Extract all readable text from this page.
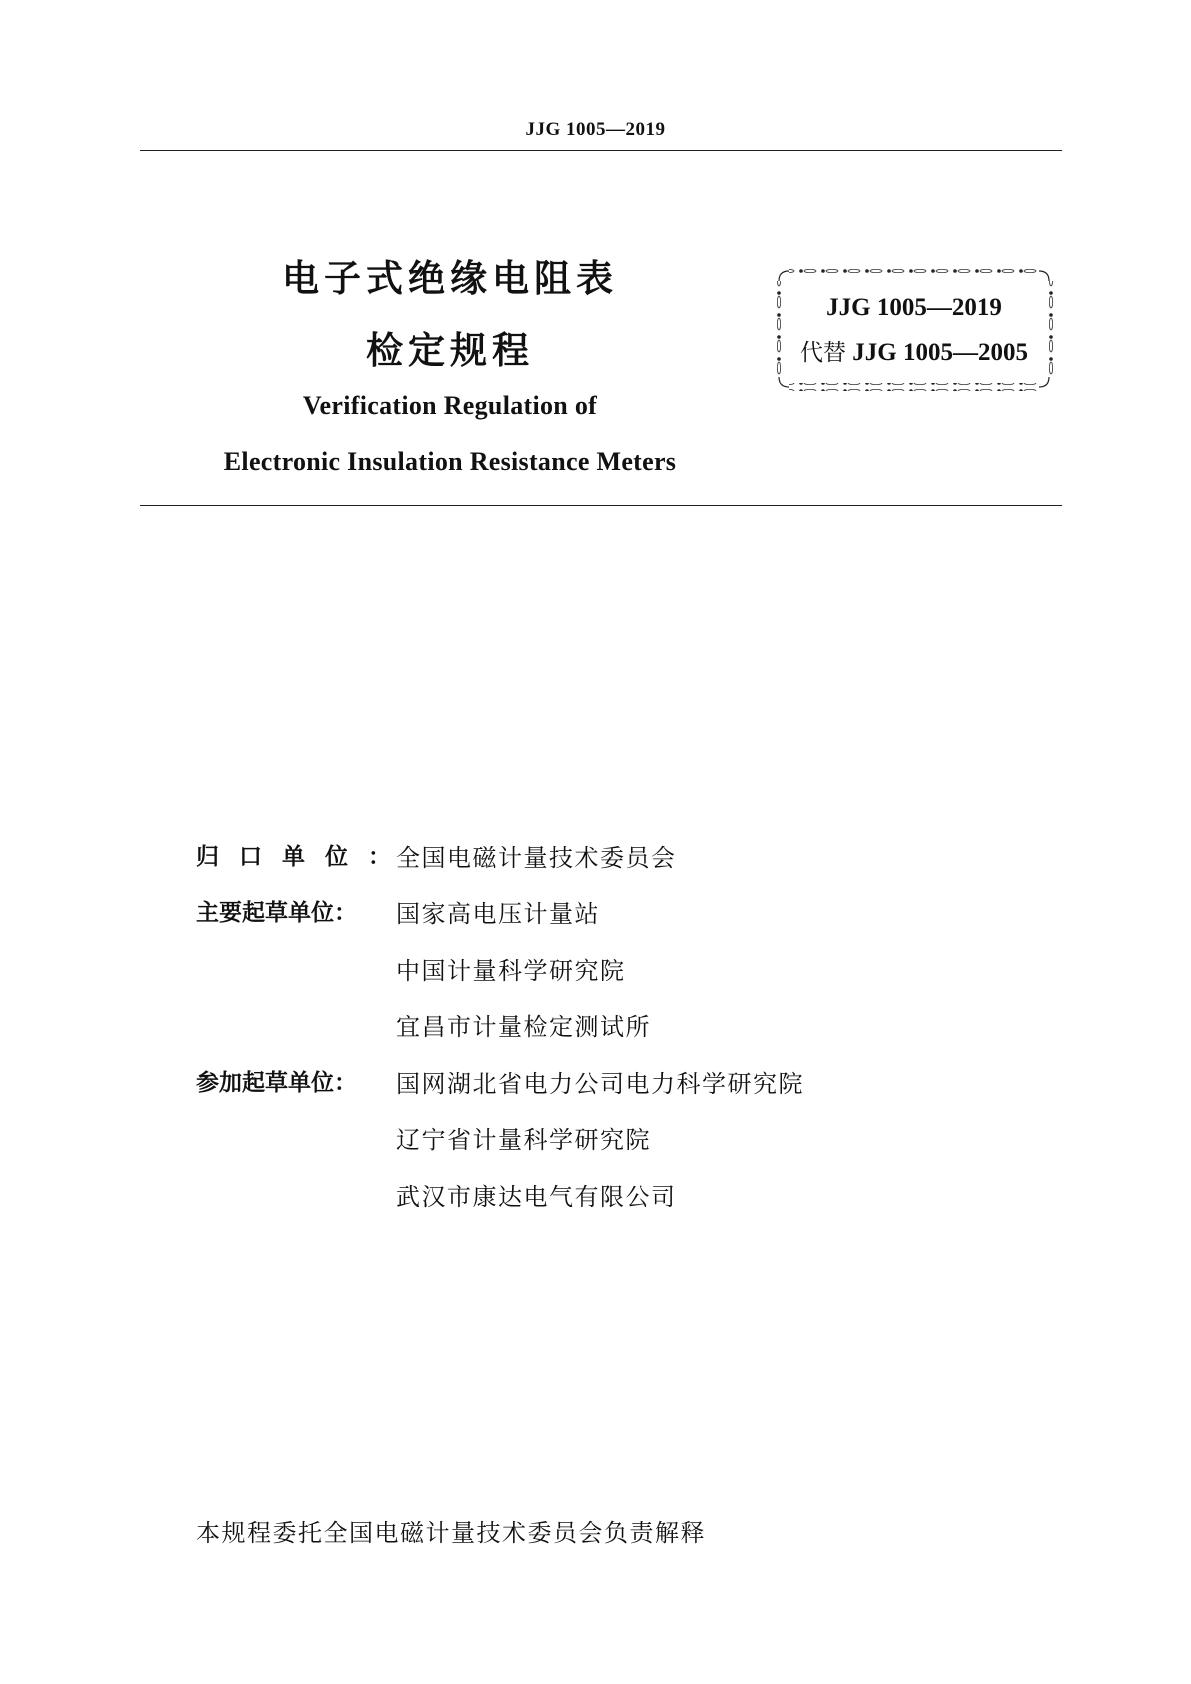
JJG 1005—2019
电子式绝缘电阻表
检定规程
Verification Regulation of
Electronic Insulation Resistance Meters
JJG 1005—2019
代替 JJG 1005—2005
归口单位： 全国电磁计量技术委员会
主要起草单位：	国家高电压计量站
中国计量科学研究院
宜昌市计量检定测试所
参加起草单位：	国网湖北省电力公司电力科学研究院
辽宁省计量科学研究院
武汉市康达电气有限公司
本规程委托全国电磁计量技术委员会负责解释
